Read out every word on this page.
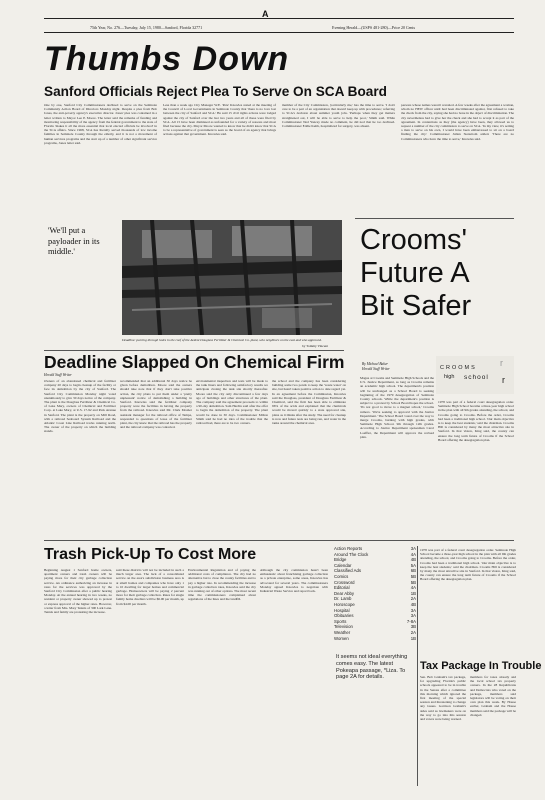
A
75th Year, No. 276—Tuesday, July 15, 1980—Sanford, Florida 32771	Evening Herald—(USPS 481-280)—Price 20 Cents
Thumbs Down
Sanford Officials Reject Plea To Serve On SCA Board
One by one, Sanford City Commissioners declined to serve on the Seminole Community Action Board of Directors Monday night. Despite a plea from Bob Jones, the anti-poverty agency's executive director. Jones' plea was contained in a letter written to Mayor Lee P. Moore. The letter said the remarks of funding and monitoring responsibility of the agency from the federal government to the state of Florida 'makes it all the more essential that local elected officials be involved' in the SCA affairs. Since 1968, SCA has literally served thousands of low income families in Seminole County through the elderly, and it is not a movement of human services programs and the start up of a number of other significant service programs, Jones letter said.
Less than a week ago City Manager W.E. 'Pete' Knowles stated at the meeting of the Council of Local Governments in Seminole County that 'there is no love lost between the city of Sanford and SCA.' He said 15 civil rights actions were lodged against the city of Sanford over the last two years and all of these were filed by SCA. All 15 have been dismissed as unfounded for a variety of reasons and most filed because the city. Mayor Moore wanted to know that he didn't know that SCA to be a representative of government is seen as the board of an agency that brings actions against that government. Knowles said.
member of the City Commission, 'particularly me,' has the time to serve. 'I don't care to be a part of an organization that doesn't keep up with procedures,' referring to SCA's decision about summer youth jobs. 'Perhaps when they get matters straightened out, I will be able to serve to help the poor,' Smith said. While Commissioner Ned Yancey made no comment, he did nod that he too declined. Commissioner Eddie Keith, hospitalized for surgery, was absent.
persons whose names weren't revealed. A few weeks after the agreement a woman, whom no HEW officer until had been discriminated against, first refused to take the check from the city, saying she had no bone in the object of discrimination. The city nevertheless had to give her the check and she had to accept it as part of the agreement. In contentions as they (the agency) have been, they allowed us to request a number of the city commission to serve on SCA. 'In my view, it's setting a man to serve on his own, I would have been embarrassed to sit on a board finding the city.' Commissioner Julian Stenstrom added. 'There are no Commissioners who have the time to serve,' Knowles said.
'We'll put a payloader in its middle.'
Deadline: peering through holes in the roof of the Ardent Douglass Fertilizer & Chemical Co. plant, who neighbors on the east and who approved.
by Tommy Vincent
Crooms' Future A Bit Safer
By Michael Baker
Herald Staff Writer
r
CROOMS
high school r
Magus at Crooms and Seminole High Schools and the U.S. Justice Department, as long as Crooms remains an academic high school. The department's position will be unchanged as a School Board is seeking beginning of the 1979 desegregation of Seminole County schools. While the department's position is subject to a protest by School Board hopes the school. 'It's not good to move to a magnet school,' Crooms rumors. 'We're seeking to approval with the Justice Department.' The School Board voted over the way to merge Crooms, burning with high grades, with Seminole High School. 9th through 12th grades. According to Justice Department spokesman Carol Loeffler, the Department will approve the revised plan.
1978 was part of a federal court desegregation order. Seminole High School became a three-year high school in the plan with all 9th grades attending, the school, and Crooms going to Crooms. Before the order, Crooms had been a traditional high school. 'Our main objective is to keep the best students,' said the chairman. Crooms Hill is considered by many the most attractive site in Sanford. In that vision, King said, the county can ensure the long term future of Crooms if the School Board offering the desegregation plan.
Deadline Slapped On Chemical Firm
Herald Staff Writer
Owners of an abandoned chemical and fertilizer company 20 days to begin cleanup of the facility or face its demolition by the city of Sanford. The Sanford City Commission Monday night voted unanimously to give 30 days notice of the company. The plant is the Douglass Fertilizer & Chemical Co. of Lake Mary, owners of Chemical and Fertilizer Corp. at Lake Mary, at U.S. 17-92 and Park Avenue in Sanford. The plant is the property on Mill Road, with a railroad Seaboard System Railroad and the Atlantic Coast Line Railroad tracks running north. The owner of the property on which the building stands.
recommended that an additional 30 days notice be given before demolition. Moore said the owners should take note that if they don't take positive action, the city plans to put them under a 'pretty unpleasant' notice of demolishing a building in Sanford. Knowles said the fertilizer company property were the facilities in having the property from the railroad. Knowles said Mr. Clark Mosher assistant manager for the railroad office of Tampa, responded to questions of lease of the fertilizer plant, the city knew that the railroad has the property and the railroad company was contacted.
environmental inspection and tests will be made to the tank liners and following satisfactory results we anticipate closing the tank site shortly thereafter. Moore said the city only discontinued a few days ago of buildings and other structures of the plant. The company said the agreement proceeds to within a 90-day demolition. Sam Hardin said after the offer to begin the demolition of the property. The plant would be done in 30 days. Commissioner Milton Smith said he had no idea of the trouble that the railroad had, there are to be two owners.
the school and the company has been considering building some two ponds to keep the 'waste water' on site, but hasn't taken positive action to date regard yet. In an agreement before the Commission, Knowles said the Douglass, president of Douglass Fertilizer & Chemical, said the firm has been able to eliminate 96% of the acids and explained that the chemicals would be moved quickly to a state approved site, plans as it thinks after the study. The need for cleanup is now and future tests are being run, and water in the tanks around the chemical area.
Trash Pick-Up To Cost More
Beginning August 1 Sanford home owners, apartment owners and trash owners will be paying more for their city garbage collection service. An ordinance authorizing an increase in rates for the services was approved by the Sanford City Commission after a public hearing Monday. At the annual hearing in two weeks, no resident or property owner showed up to protest or express approval of the higher rates. However, a letter from Mrs. Mary Tennis of 300 Lark Lane. Tennis and family are protesting the increase.
said these districts will not be included in such a much larger area. The lack of a consolidated service on the area's subdivision business area is at small homes and companies who have only 1 to 10 dwelling for larger homes and commercial garbage. Homeowners will be paying 2 percent more for their garbage collection. Rates for single family home dwellers will be $6.00 per month, up from $4.00 per month.
Environmental Regulation and of paying the additional costs of compliance. The city had no alternative but to close the county facilities and to pay a higher rate. In recommending the increase in garbage collection rates, Knowles said the city was running out of other options. The most recent time the commissioners complained about regulations of the lines and the landfill.
Although the city commission hasn't been enthusiastic about franchising garbage collection as a private enterprise, some areas, Knowles has advocated for several years. The commissioners Monday agreed Knowles to negotiate with Industrial Waste Service and report back.
Action Reports	3A
Around The Clock	4A
Bridge	4B
Calendar	5A
Classified Ads	6B
Comics	5B
Crossword	5B
Editorial	4A
Dear Abby	1B
Dr. Lamb	2A
Horoscope	4B
Hospital	3A
Obituaries	3A
Sports	7-8A
Television	3B
Weather	2A
Women	1B
It seems not ideal everything comes easy. The latest Pokeapa passage, *Liza. To page 2A for details.
Tax Package In Trouble
Sen. Bob Graham's tax package, for upgrading Florida's public schools appeared to be in trouble in the Senate after a committee this morning which ignored the first meeting of the special session and threatening to change any issues. Garrison Graham's aides said as lawmakers were on the way to go into this session and voters were being warned.
members for taxes already and the local school tax property owners. In the 28 Republicans and Democrats who voted on the package, members said legislators will be voting on their own plan this week. By House earlier, Graham and the House members said the package will be changed.
1978 was part of a federal court desegregation order. Seminole High School became a three-year high school in the plan with all 9th grades attending, the school, and Crooms going to Crooms. Before the order, Crooms had been a traditional high school. 'Our main objective is to keep the best students,' said the chairman. Crooms Hill is considered by many the most attractive site in Sanford. In that vision, King said, the county can ensure the long term future of Crooms if the School Board offering the desegregation plan.
